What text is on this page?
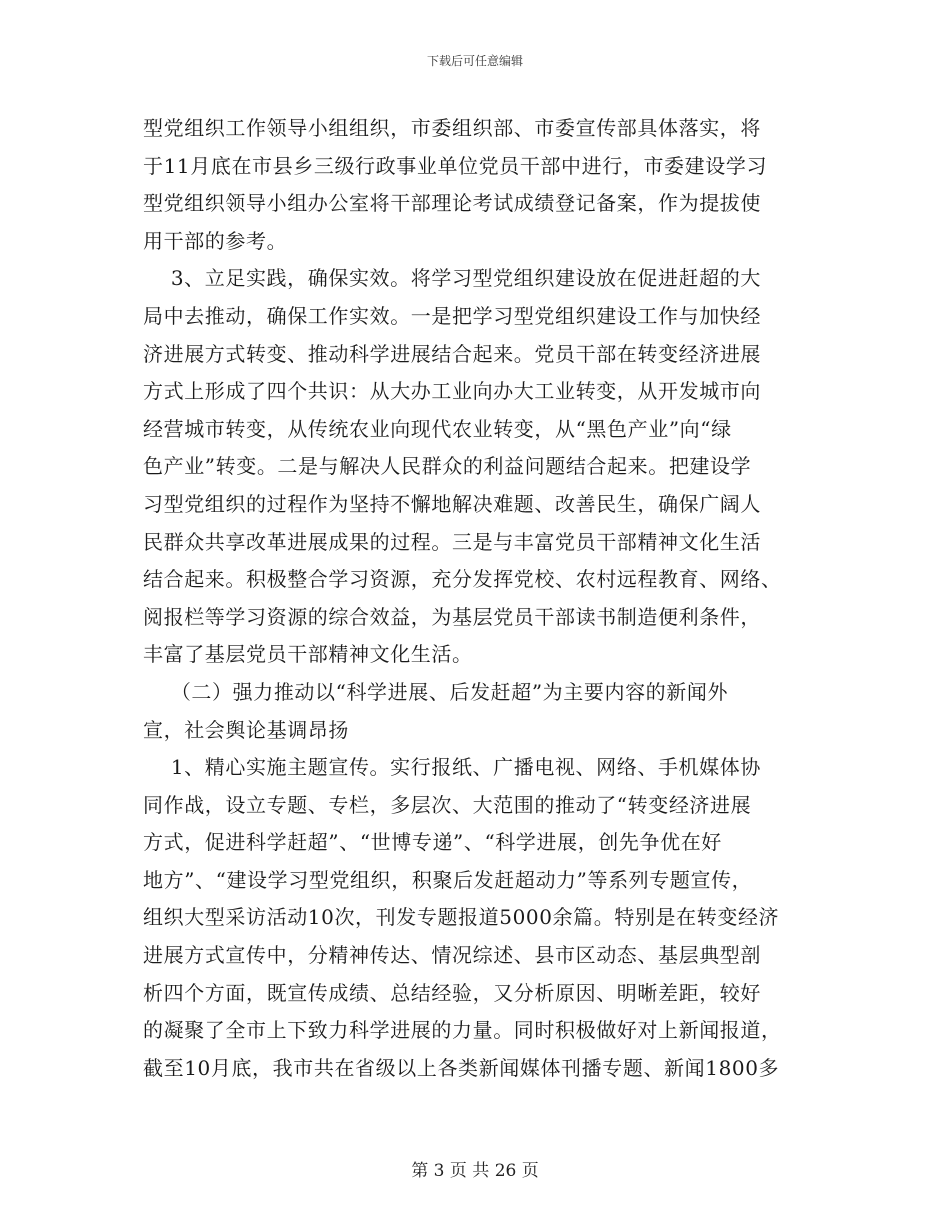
下载后可任意编辑
型党组织工作领导小组组织，市委组织部、市委宣传部具体落实，将
于11月底在市县乡三级行政事业单位党员干部中进行，市委建设学习
型党组织领导小组办公室将干部理论考试成绩登记备案，作为提拔使
用干部的参考。
3、立足实践，确保实效。将学习型党组织建设放在促进赶超的大
局中去推动，确保工作实效。一是把学习型党组织建设工作与加快经
济进展方式转变、推动科学进展结合起来。党员干部在转变经济进展
方式上形成了四个共识：从大办工业向办大工业转变，从开发城市向
经营城市转变，从传统农业向现代农业转变，从“黑色产业”向“绿
色产业”转变。二是与解决人民群众的利益问题结合起来。把建设学
习型党组织的过程作为坚持不懈地解决难题、改善民生，确保广阔人
民群众共享改革进展成果的过程。三是与丰富党员干部精神文化生活
结合起来。积极整合学习资源，充分发挥党校、农村远程教育、网络、
阅报栏等学习资源的综合效益，为基层党员干部读书制造便利条件，
丰富了基层党员干部精神文化生活。
（二）强力推动以“科学进展、后发赶超”为主要内容的新闻外
宣，社会舆论基调昂扬
1、精心实施主题宣传。实行报纸、广播电视、网络、手机媒体协
同作战，设立专题、专栏，多层次、大范围的推动了“转变经济进展
方式，促进科学赶超”、“世博专递”、“科学进展，创先争优在好
地方”、“建设学习型党组织，积聚后发赶超动力”等系列专题宣传，
组织大型采访活动10次，刊发专题报道5000余篇。特别是在转变经济
进展方式宣传中，分精神传达、情况综述、县市区动态、基层典型剖
析四个方面，既宣传成绩、总结经验，又分析原因、明晰差距，较好
的凝聚了全市上下致力科学进展的力量。同时积极做好对上新闻报道，
截至10月底，我市共在省级以上各类新闻媒体刊播专题、新闻1800多
第 3 页 共 26 页
